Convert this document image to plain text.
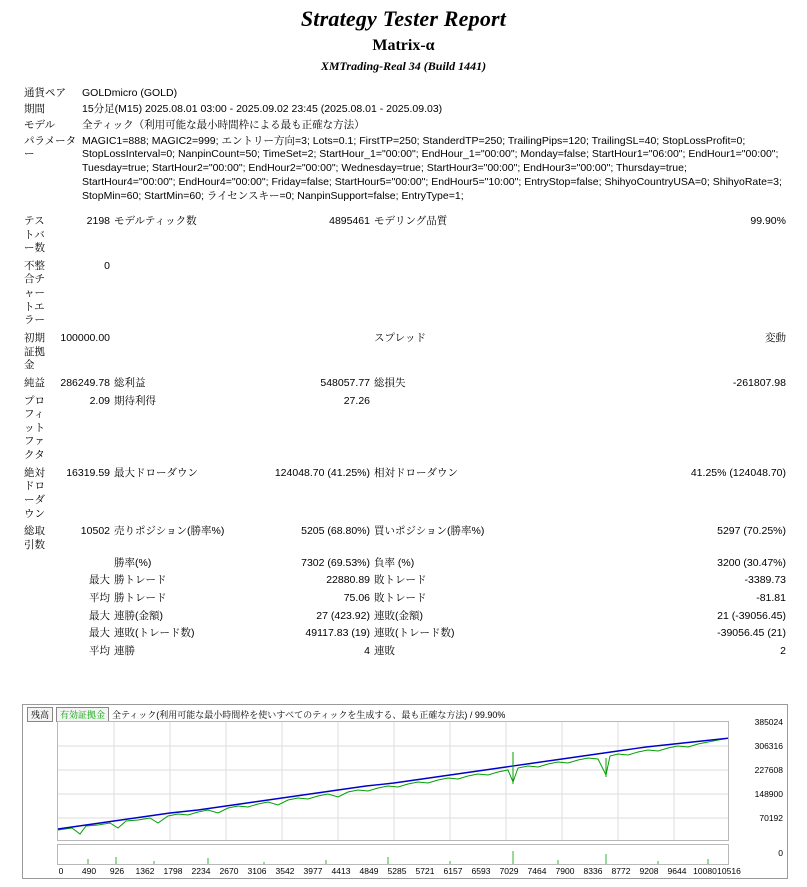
Strategy Tester Report
Matrix-α
XMTrading-Real 34 (Build 1441)
通貨ペア	GOLDmicro (GOLD)
期間	15分足(M15) 2025.08.01 03:00 - 2025.09.02 23:45 (2025.08.01 - 2025.09.03)
モデル	全ティック（利用可能な最小時間枠による最も正確な方法）
パラメーター	MAGIC1=888; MAGIC2=999; エントリー方向=3; Lots=0.1; FirstTP=250; StanderdTP=250; TrailingPips=120; TrailingSL=40; StopLossProfit=0;
StopLossInterval=0; NanpinCount=50; TimeSet=2; StartHour_1="00:00"; EndHour_1="00:00"; Monday=false; StartHour1="06:00"; EndHour1="00:00";
Tuesday=true; StartHour2="00:00"; EndHour2="00:00"; Wednesday=true; StartHour3="00:00"; EndHour3="00:00"; Thursday=true;
StartHour4="00:00"; EndHour4="00:00"; Friday=false; StartHour5="00:00"; EndHour5="10:00"; EntryStop=false; ShihyoCountryUSA=0; ShihyoRate=3;
StopMin=60; StartMin=60; ライセンスキー=0; NanpinSupport=false; EntryType=1;
テストバー数	2198	モデルティック数	4895461	モデリング品質	99.90%
不整合チャートエラー	0				
初期証拠金	100000.00			スプレッド	変動
純益	286249.78	総利益	548057.77	総損失	-261807.98
プロフィットファクタ	2.09	期待利得	27.26		
絶対ドローダウン	16319.59	最大ドローダウン	124048.70 (41.25%)	相対ドローダウン	41.25% (124048.70)
総取引数	10502	売りポジション(勝率%)	5205 (68.80%)	買いポジション(勝率%)	5297 (70.25%)
		勝率(%)	7302 (69.53%)	負率 (%)	3200 (30.47%)
	最大	勝トレード	22880.89	敗トレード	-3389.73
	平均	勝トレード	75.06	敗トレード	-81.81
	最大	連勝(金額)	27 (423.92)	連敗(金額)	21 (-39056.45)
	最大	連敗(トレード数)	49117.83 (19)	連敗(トレード数)	-39056.45 (21)
	平均	連勝	4	連敗	2
残高 有効証拠金 全ティック(利用可能な最小時間枠を使いすべてのティックを生成する、最も正確な方法) / 99.90%
385024
306316
227608
148900
70192
0
0 490 926 1362 1798 2234 2670 3106 3542 3977 4413 4849 5285 5721 6157 6593 7029 7464 7900 8336 8772 9208 9644 10080 10516
